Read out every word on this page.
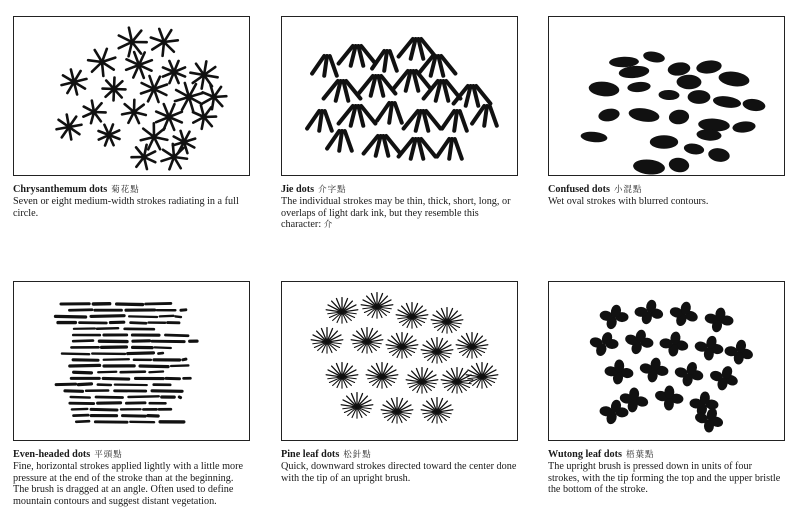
Chrysanthemum dots 菊花點
Seven or eight medium-width strokes radiating in a full circle.
Jie dots 介字點
The individual strokes may be thin, thick, short, long, or overlaps of light dark ink, but they resemble this character: 介
Confused dots 小混點
Wet oval strokes with blurred contours.
Even-headed dots 平頭點
Fine, horizontal strokes applied lightly with a little more pressure at the end of the stroke than at the beginning. The brush is dragged at an angle. Often used to define mountain contours and suggest distant vegetation.
Pine leaf dots 松針點
Quick, downward strokes directed toward the center done with the tip of an upright brush.
Wutong leaf dots 梧葉點
The upright brush is pressed down in units of four strokes, with the tip forming the top and the upper bristle the bottom of the stroke.
